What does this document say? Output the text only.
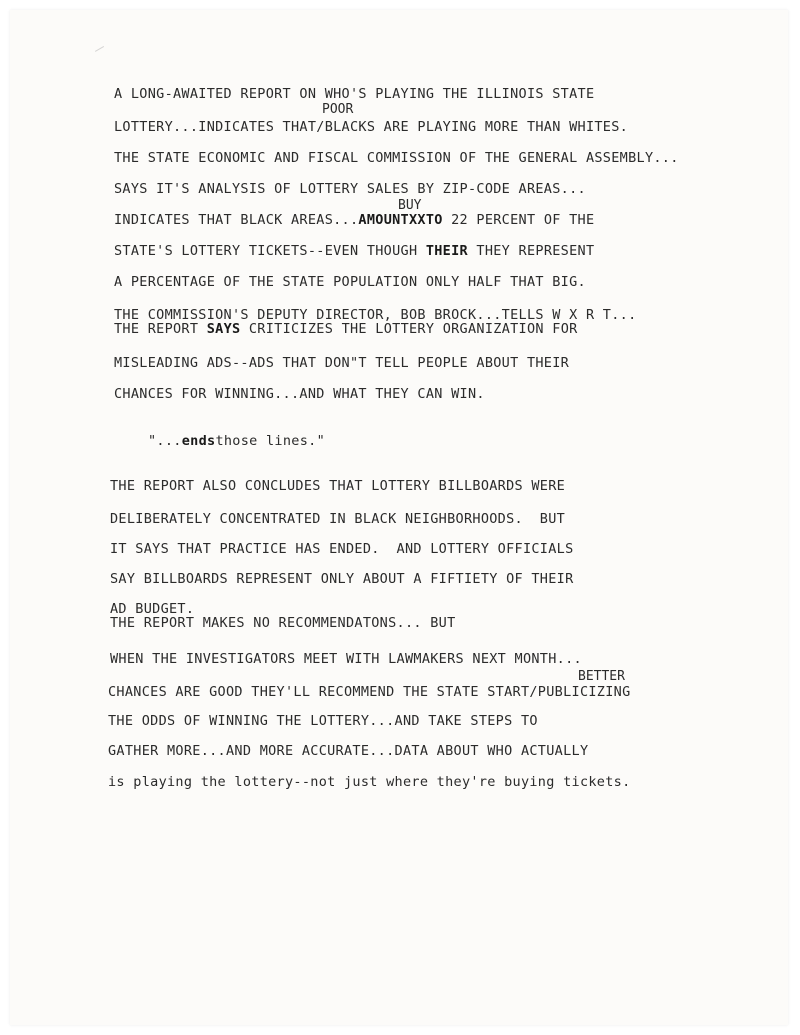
POOR
BUY
BETTER
A LONG-AWAITED REPORT ON WHO'S PLAYING THE ILLINOIS STATE
LOTTERY...INDICATES THAT/BLACKS ARE PLAYING MORE THAN WHITES.
THE STATE ECONOMIC AND FISCAL COMMISSION OF THE GENERAL ASSEMBLY...
SAYS IT'S ANALYSIS OF LOTTERY SALES BY ZIP-CODE AREAS...
INDICATES THAT BLACK AREAS...AMOUNTXXTO 22 PERCENT OF THE
STATE'S LOTTERY TICKETS--EVEN THOUGH THEIR THEY REPRESENT
A PERCENTAGE OF THE STATE POPULATION ONLY HALF THAT BIG.
THE COMMISSION'S DEPUTY DIRECTOR, BOB BROCK...TELLS W X R T...
THE REPORT SAYS CRITICIZES THE LOTTERY ORGANIZATION FOR
MISLEADING ADS--ADS THAT DON"T TELL PEOPLE ABOUT THEIR
CHANCES FOR WINNING...AND WHAT THEY CAN WIN.
"...endsthose lines."
THE REPORT ALSO CONCLUDES THAT LOTTERY BILLBOARDS WERE
DELIBERATELY CONCENTRATED IN BLACK NEIGHBORHOODS.  BUT
IT SAYS THAT PRACTICE HAS ENDED.  AND LOTTERY OFFICIALS
SAY BILLBOARDS REPRESENT ONLY ABOUT A FIFTIETY OF THEIR
AD BUDGET.
THE REPORT MAKES NO RECOMMENDATONS... BUT
WHEN THE INVESTIGATORS MEET WITH LAWMAKERS NEXT MONTH...
CHANCES ARE GOOD THEY'LL RECOMMEND THE STATE START/PUBLICIZING
THE ODDS OF WINNING THE LOTTERY...AND TAKE STEPS TO
GATHER MORE...AND MORE ACCURATE...DATA ABOUT WHO ACTUALLY
is playing the lottery--not just where they're buying tickets.
